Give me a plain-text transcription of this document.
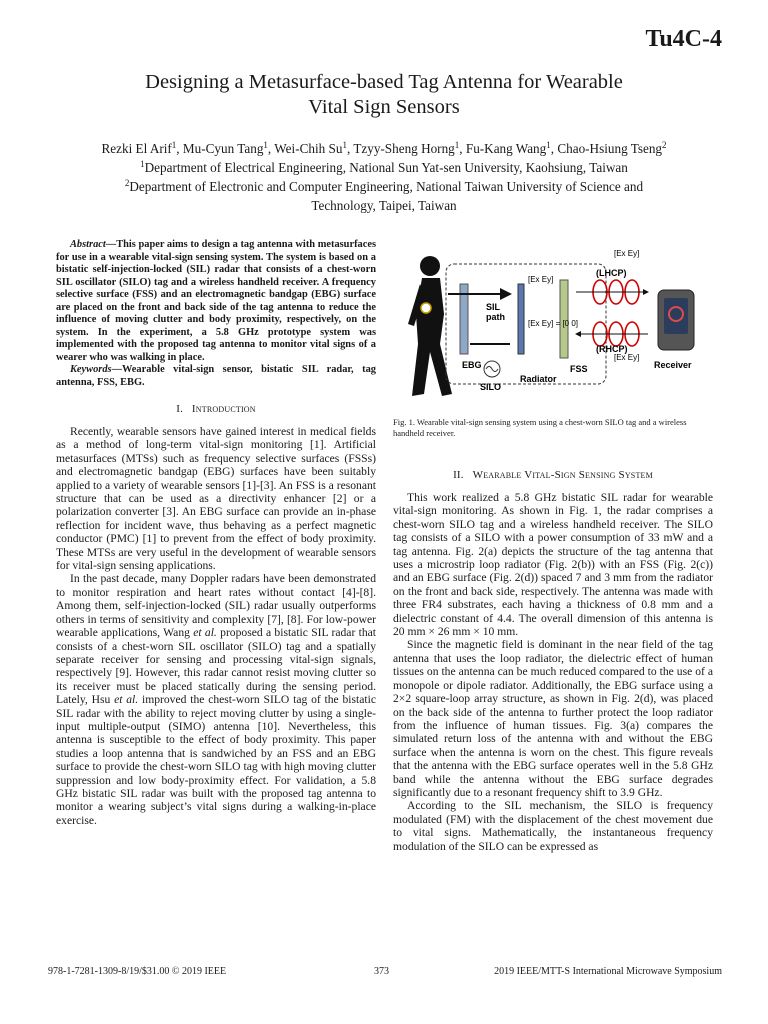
Tu4C-4
Designing a Metasurface-based Tag Antenna for Wearable
Vital Sign Sensors
Rezki El Arif$^1$, Mu-Cyun Tang$^1$, Wei-Chih Su$^1$, Tzyy-Sheng Horng$^1$, Fu-Kang Wang$^1$, Chao-Hsiung Tseng$^2$
$^1$Department of Electrical Engineering, National Sun Yat-sen University, Kaohsiung, Taiwan
$^2$Department of Electronic and Computer Engineering, National Taiwan University of Science and
Technology, Taipei, Taiwan

Abstract—This paper aims to design a tag antenna with metasurfaces for use in a wearable vital-sign sensing system. The system is based on a bistatic self-injection-locked (SIL) radar that consists of a chest-worn SIL oscillator (SILO) tag and a wireless handheld receiver. A frequency selective surface (FSS) and an electromagnetic bandgap (EBG) surface are placed on the front and back side of the tag antenna to reduce the influence of moving clutter and body proximity, respectively, on the system. In the experiment, a 5.8 GHz prototype system was implemented with the proposed tag antenna to monitor vital signs of a wearer who was walking in place.

Keywords—Wearable vital-sign sensor, bistatic SIL radar, tag antenna, FSS, EBG.

I. Introduction

Recently, wearable sensors have gained interest in medical fields as a method of long-term vital-sign monitoring [1]. Artificial metasurfaces (MTSs) such as frequency selective surfaces (FSSs) and electromagnetic bandgap (EBG) surfaces have been suitably applied to a variety of wearable sensors [1]-[3]. An FSS is a resonant structure that can be used as a directivity enhancer [2] or a polarization converter [3]. An EBG surface can provide an in-phase reflection for incident wave, thus behaving as a perfect magnetic conductor (PMC) [1] to prevent from the effect of body proximity. These MTSs are very useful in the development of wearable sensors for vital-sign sensing applications.

In the past decade, many Doppler radars have been demonstrated to monitor respiration and heart rates without contact [4]-[8]. Among them, self-injection-locked (SIL) radar usually outperforms others in terms of sensitivity and complexity [7], [8]. For low-power wearable applications, Wang et al. proposed a bistatic SIL radar that consists of a chest-worn SIL oscillator (SILO) tag and a spatially separate receiver for sensing and processing vital-sign signals, respectively [9]. However, this radar cannot resist moving clutter so its receiver must be placed statically during the sensing period. Lately, Hsu et al. improved the chest-worn SILO tag of the bistatic SIL radar with the ability to reject moving clutter by using a single-input multiple-output (SIMO) antenna [10]. Nevertheless, this antenna is susceptible to the effect of body proximity. This paper studies a loop antenna that is sandwiched by an FSS and an EBG surface to provide the chest-worn SILO tag with high moving clutter suppression and low body-proximity effect. For validation, a 5.8 GHz bistatic SIL radar was built with the proposed tag antenna to monitor a wearing subject’s vital signs during a walking-in-place exercise.

SIL
path
EBG	FSS
SILO
Radiator
[Ex Ey]
[Ex Ey] = [0 0]
[Ex Ey]
[Ex Ey]
(LHCP)
(RHCP)
Receiver

Fig. 1. Wearable vital-sign sensing system using a chest-worn SILO tag and a wireless handheld receiver.

II. Wearable Vital-Sign Sensing System

This work realized a 5.8 GHz bistatic SIL radar for wearable vital-sign monitoring. As shown in Fig. 1, the radar comprises a chest-worn SILO tag and a wireless handheld receiver. The SILO tag consists of a SILO with a power consumption of 33 mW and a tag antenna. Fig. 2(a) depicts the structure of the tag antenna that uses a microstrip loop radiator (Fig. 2(b)) with an FSS (Fig. 2(c)) and an EBG surface (Fig. 2(d)) spaced 7 and 3 mm from the radiator on the front and back side, respectively. The antenna was made with three FR4 substrates, each having a thickness of 0.8 mm and a dielectric constant of 4.4. The overall dimension of this antenna is 20 mm × 26 mm × 10 mm.

Since the magnetic field is dominant in the near field of the tag antenna that uses the loop radiator, the dielectric effect of human tissues on the antenna can be much reduced compared to the use of a monopole or dipole radiator. Additionally, the EBG surface using a 2×2 square-loop array structure, as shown in Fig. 2(d), was placed on the back side of the antenna to further protect the loop radiator from the influence of human tissues. Fig. 3(a) compares the simulated return loss of the antenna with and without the EBG surface when the antenna is worn on the chest. This figure reveals that the antenna with the EBG surface operates well in the 5.8 GHz band while the antenna without the EBG surface degrades significantly due to a resonant frequency shift to 3.9 GHz.

According to the SIL mechanism, the SILO is frequency modulated (FM) with the displacement of the chest movement due to vital signs. Mathematically, the instantaneous frequency modulation of the SILO can be expressed as

978-1-7281-1309-8/19/$31.00 © 2019 IEEE	373	2019 IEEE/MTT-S International Microwave Symposium
